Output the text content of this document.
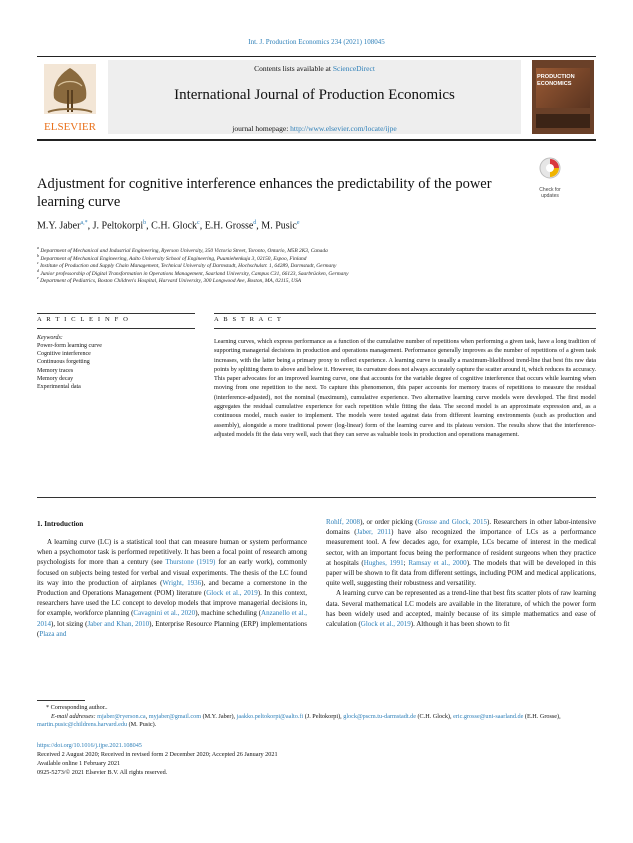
Int. J. Production Economics 234 (2021) 108045
ELSEVIER
Contents lists available at ScienceDirect
International Journal of Production Economics
journal homepage: http://www.elsevier.com/locate/ijpe
PRODUCTION ECONOMICS
Check for updates
Adjustment for cognitive interference enhances the predictability of the power learning curve
M.Y. Jaber$^{a,*}$, J. Peltokorpi$^b$, C.H. Glock$^c$, E.H. Grosse$^d$, M. Pusic$^e$
$^a$ Department of Mechanical and Industrial Engineering, Ryerson University, 350 Victoria Street, Toronto, Ontario, M5B 2K3, Canada
$^b$ Department of Mechanical Engineering, Aalto University School of Engineering, Puumiehenkuja 3, 02150, Espoo, Finland
$^c$ Institute of Production and Supply Chain Management, Technical University of Darmstadt, Hochschulstr. 1, 64289, Darmstadt, Germany
$^d$ Junior professorship of Digital Transformation in Operations Management, Saarland University, Campus C31, 66123, Saarbrücken, Germany
$^e$ Department of Pediatrics, Boston Children's Hospital, Harvard University, 300 Longwood Ave, Boston, MA, 02115, USA
A R T I C L E I N F O	A B S T R A C T
Keywords:
Power-form learning curve
Cognitive interference
Continuous forgetting
Memory traces
Memory decay
Experimental data
Learning curves, which express performance as a function of the cumulative number of repetitions when performing a given task, have a long tradition of supporting managerial decisions in production and operations management. Performance generally improves as the number of repetitions of a given task increases, with the latter being a primary proxy to reflect experience. A learning curve is usually a maximum-likelihood trend-line that best fits raw data points by splitting them to above and below it. However, its curvature does not always accurately capture the scatter around it, which reduces its accuracy. This paper advocates for an improved learning curve, one that accounts for the variable degree of cognitive interference that occurs while learning when moving from one repetition to the next. To capture this phenomenon, this paper accounts for memory traces of repetitions to measure the residual (interference-adjusted), not the nominal (maximum), cumulative experience. Two alternative learning curve models were developed. The first model aggregates the residual cumulative experience for each repetition while fitting the data. The second model is an approximate expression and, as a continuous model, much easier to implement. The models were tested against data from different learning environments (such as production and assembly), alongside a more traditional power (log-linear) form of the learning curve and its plateau version. The results show that the interference-adjusted models fit the data very well, such that they can serve as valuable tools in production and operations management.
1. Introduction

A learning curve (LC) is a statistical tool that can measure human or system performance when a psychomotor task is performed repetitively. It has been a focal point of research among psychologists for more than a century (see Thurstone (1919) for an early work), commonly focused on subjects being tested for verbal and visual experiments. The thesis of the LC found its way into the production of airplanes (Wright, 1936), and became a cornerstone in the Production and Operations Management (POM) literature (Glock et al., 2019). In this context, researchers have used the LC concept to develop models that improve managerial decisions in, for example, workforce planning (Cavagnini et al., 2020), machine scheduling (Anzanello et al., 2014), lot sizing (Jaber and Khan, 2010), Enterprise Resource Planning (ERP) implementations (Plaza and

Rohlf, 2008), or order picking (Grosse and Glock, 2015). Researchers in other labor-intensive domains (Jaber, 2011) have also recognized the importance of LCs as a performance measurement tool. A few decades ago, for example, LCs became of interest in the medical sector, with an important focus being the performance of resident surgeons when they practice at hospitals (Hughes, 1991; Ramsay et al., 2000). The models that will be developed in this paper will be shown to fit data from different settings, including POM and medical applications, quite well, suggesting their robustness and versatility.

A learning curve can be represented as a trend-line that best fits scatter plots of raw learning data. Several mathematical LC models are available in the literature, of which the power form has been widely used and accepted, mainly because of its simple mathematics and ease of calculation (Glock et al., 2019). Although it has been shown to fit

* Corresponding author..
E-mail addresses: mjaber@ryerson.ca, myjaber@gmail.com (M.Y. Jaber), jaakko.peltokorpi@aalto.fi (J. Peltokorpi), glock@pscm.tu-darmstadt.de (C.H. Glock), eric.grosse@uni-saarland.de (E.H. Grosse), martin.pusic@childrens.harvard.edu (M. Pusic).
https://doi.org/10.1016/j.ijpe.2021.108045
Received 2 August 2020; Received in revised form 2 December 2020; Accepted 26 January 2021
Available online 1 February 2021
0925-5273/© 2021 Elsevier B.V. All rights reserved.
